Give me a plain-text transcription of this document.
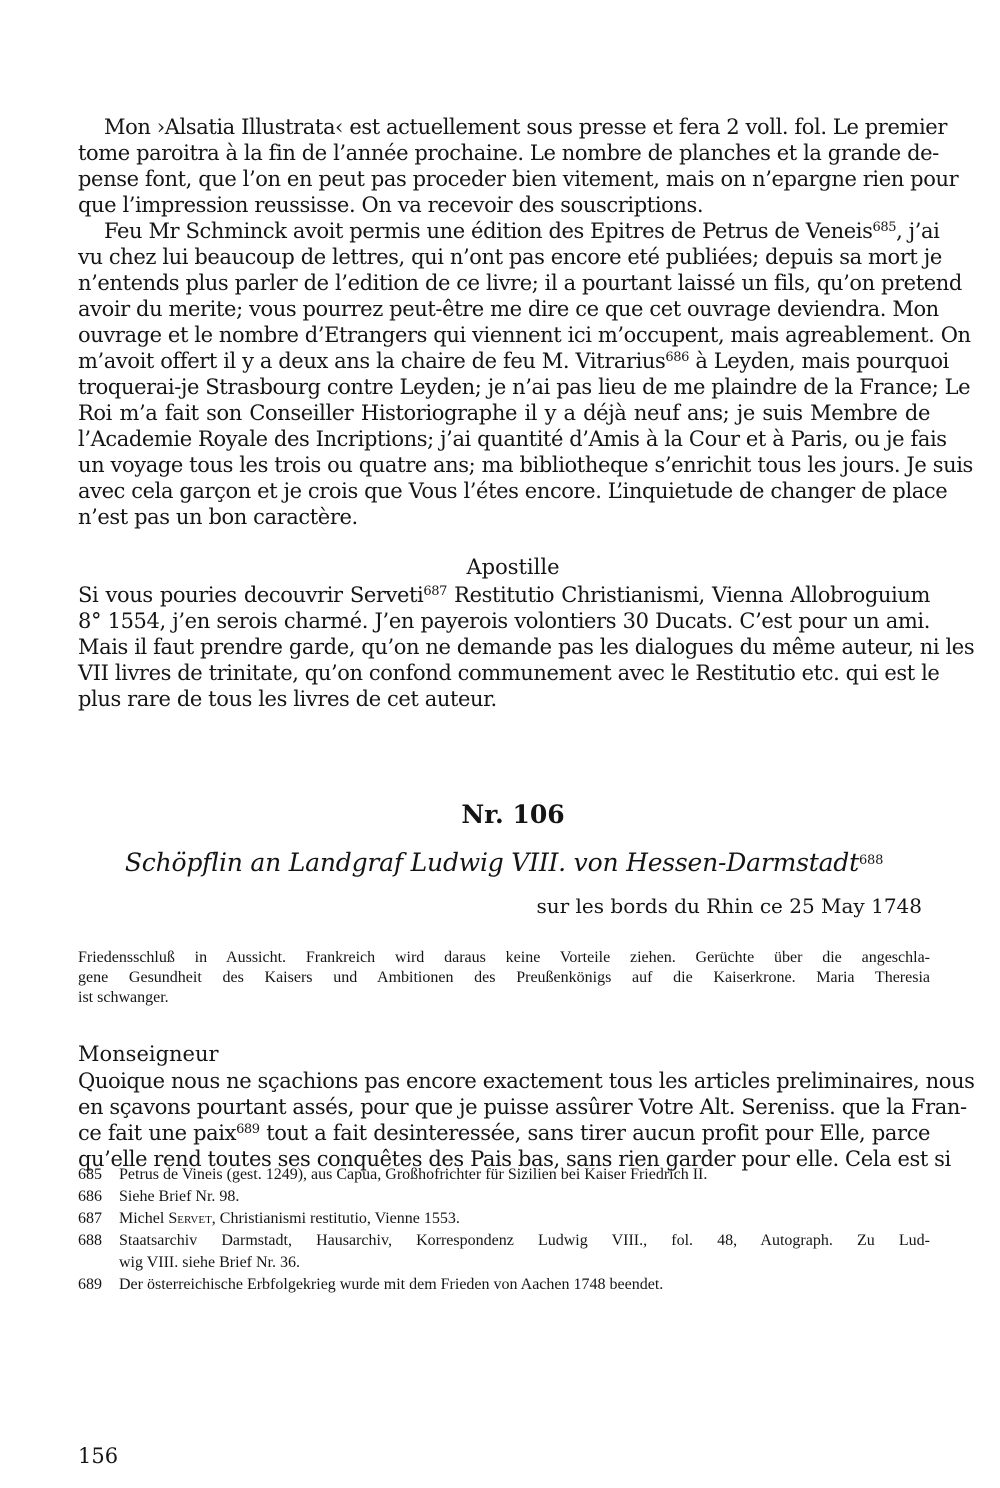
Mon ›Alsatia Illustrata‹ est actuellement sous presse et fera 2 voll. fol. Le premier
tome paroitra à la fin de l’année prochaine. Le nombre de planches et la grande de-
pense font, que l’on en peut pas proceder bien vitement, mais on n’epargne rien pour
que l’impression reussisse. On va recevoir des souscriptions.
Feu Mr Schminck avoit permis une édition des Epitres de Petrus de Veneis$^{685}$, j’ai
vu chez lui beaucoup de lettres, qui n’ont pas encore eté publiées; depuis sa mort je
n’entends plus parler de l’edition de ce livre; il a pourtant laissé un fils, qu’on pretend
avoir du merite; vous pourrez peut-être me dire ce que cet ouvrage deviendra. Mon
ouvrage et le nombre d’Etrangers qui viennent ici m’occupent, mais agreablement. On
m’avoit offert il y a deux ans la chaire de feu M. Vitrarius$^{686}$ à Leyden, mais pourquoi
troquerai-je Strasbourg contre Leyden; je n’ai pas lieu de me plaindre de la France; Le
Roi m’a fait son Conseiller Historiographe il y a déjà neuf ans; je suis Membre de
l’Academie Royale des Incriptions; j’ai quantité d’Amis à la Cour et à Paris, ou je fais
un voyage tous les trois ou quatre ans; ma bibliotheque s’enrichit tous les jours. Je suis
avec cela garçon et je crois que Vous l’étes encore. L’inquietude de changer de place
n’est pas un bon caractère.

Apostille

Si vous pouries decouvrir Serveti$^{687}$ Restitutio Christianismi, Vienna Allobroguium
8° 1554, j’en serois charmé. J’en payerois volontiers 30 Ducats. C’est pour un ami.
Mais il faut prendre garde, qu’on ne demande pas les dialogues du même auteur, ni les
VII livres de trinitate, qu’on confond communement avec le Restitutio etc. qui est le
plus rare de tous les livres de cet auteur.

Nr. 106

Schöpflin an Landgraf Ludwig VIII. von Hessen-Darmstadt$^{688}$

sur les bords du Rhin ce 25 May 1748

Friedensschluß in Aussicht. Frankreich wird daraus keine Vorteile ziehen. Gerüchte über die angeschla-
gene Gesundheit des Kaisers und Ambitionen des Preußenkönigs auf die Kaiserkrone. Maria Theresia
ist schwanger.

Monseigneur

Quoique nous ne sçachions pas encore exactement tous les articles preliminaires, nous
en sçavons pourtant assés, pour que je puisse assûrer Votre Alt. Sereniss. que la Fran-
ce fait une paix$^{689}$ tout a fait desinteressée, sans tirer aucun profit pour Elle, parce
qu’elle rend toutes ses conquêtes des Pais bas, sans rien garder pour elle. Cela est si
685	Petrus de Vineis (gest. 1249), aus Capua, Großhofrichter für Sizilien bei Kaiser Friedrich II.
686	Siehe Brief Nr. 98.
687	Michel Servet, Christianismi restitutio, Vienne 1553.
688	Staatsarchiv Darmstadt, Hausarchiv, Korrespondenz Ludwig VIII., fol. 48, Autograph. Zu Lud-
wig VIII. siehe Brief Nr. 36.
689	Der österreichische Erbfolgekrieg wurde mit dem Frieden von Aachen 1748 beendet.

156
